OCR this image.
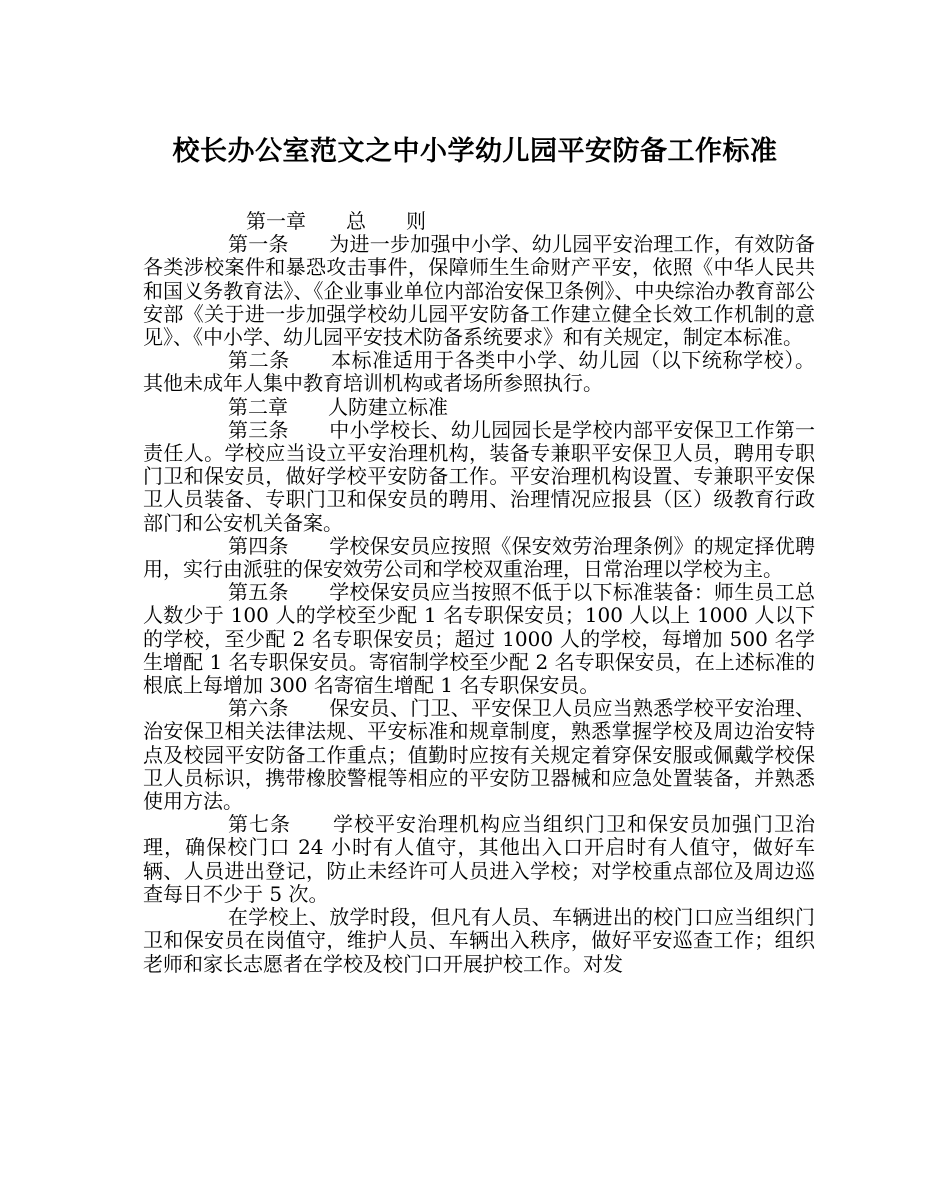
校长办公室范文之中小学幼儿园平安防备工作标准

第一章　　总　　则

第一条　　为进一步加强中小学、幼儿园平安治理工作，有效防备各类涉校案件和暴恐攻击事件，保障师生生命财产平安，依照《中华人民共和国义务教育法》、《企业事业单位内部治安保卫条例》、中央综治办教育部公安部《关于进一步加强学校幼儿园平安防备工作建立健全长效工作机制的意见》、《中小学、幼儿园平安技术防备系统要求》和有关规定，制定本标准。

第二条　　本标准适用于各类中小学、幼儿园（以下统称学校）。其他未成年人集中教育培训机构或者场所参照执行。

第二章　　人防建立标准

第三条　　中小学校长、幼儿园园长是学校内部平安保卫工作第一责任人。学校应当设立平安治理机构，装备专兼职平安保卫人员，聘用专职门卫和保安员，做好学校平安防备工作。平安治理机构设置、专兼职平安保卫人员装备、专职门卫和保安员的聘用、治理情况应报县（区）级教育行政部门和公安机关备案。

第四条　　学校保安员应按照《保安效劳治理条例》的规定择优聘用，实行由派驻的保安效劳公司和学校双重治理，日常治理以学校为主。

第五条　　学校保安员应当按照不低于以下标准装备：师生员工总人数少于 100 人的学校至少配 1 名专职保安员；100 人以上 1000 人以下的学校，至少配 2 名专职保安员；超过 1000 人的学校，每增加 500 名学生增配 1 名专职保安员。寄宿制学校至少配 2 名专职保安员，在上述标准的根底上每增加 300 名寄宿生增配 1 名专职保安员。

第六条　　保安员、门卫、平安保卫人员应当熟悉学校平安治理、治安保卫相关法律法规、平安标准和规章制度，熟悉掌握学校及周边治安特点及校园平安防备工作重点；值勤时应按有关规定着穿保安服或佩戴学校保卫人员标识，携带橡胶警棍等相应的平安防卫器械和应急处置装备，并熟悉使用方法。

第七条　　学校平安治理机构应当组织门卫和保安员加强门卫治理，确保校门口 24 小时有人值守，其他出入口开启时有人值守，做好车辆、人员进出登记，防止未经许可人员进入学校；对学校重点部位及周边巡查每日不少于 5 次。

在学校上、放学时段，但凡有人员、车辆进出的校门口应当组织门卫和保安员在岗值守，维护人员、车辆出入秩序，做好平安巡查工作；组织老师和家长志愿者在学校及校门口开展护校工作。对发
